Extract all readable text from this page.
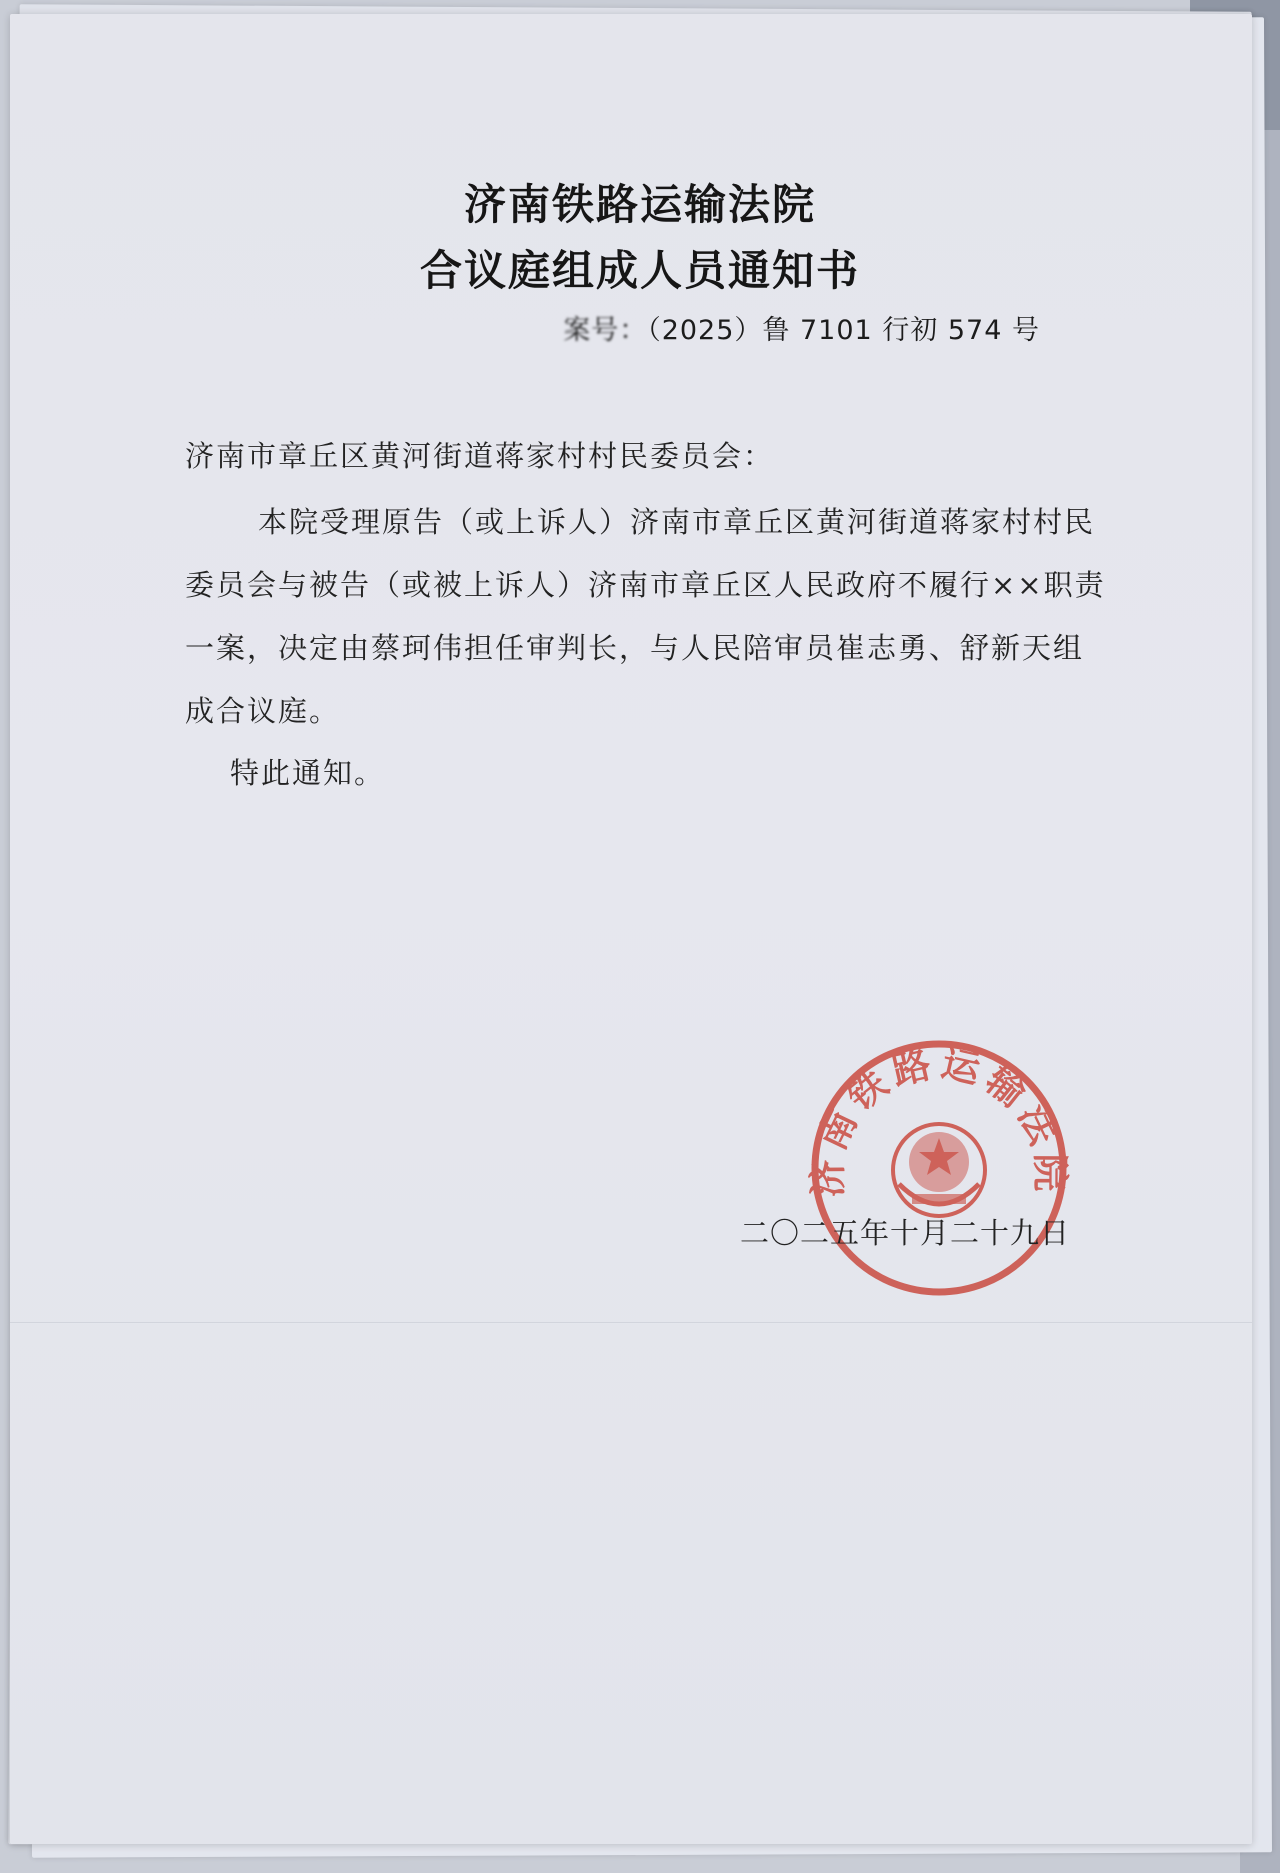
济南铁路运输法院
合议庭组成人员通知书
案号：（2025）鲁 7101 行初 574 号
济南市章丘区黄河街道蒋家村村民委员会：
本院受理原告（或上诉人）济南市章丘区黄河街道蒋家村村民
委员会与被告（或被上诉人）济南市章丘区人民政府不履行××职责
一案，决定由蔡珂伟担任审判长，与人民陪审员崔志勇、舒新天组
成合议庭。
特此通知。
济南铁路运输法院
二〇二五年十月二十九日
